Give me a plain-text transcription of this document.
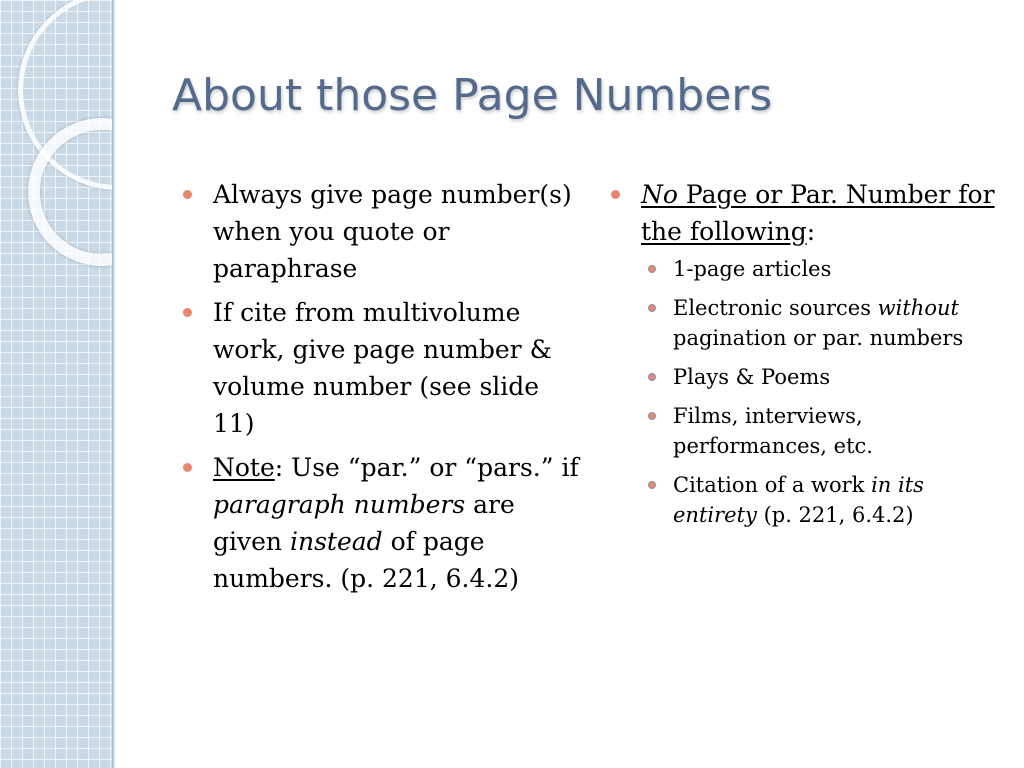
About those Page Numbers
Always give page number(s) when you quote or paraphrase
If cite from multivolume work, give page number & volume number (see slide 11)
Note: Use “par.” or “pars.” if paragraph numbers are given instead of page numbers. (p. 221, 6.4.2)
No Page or Par. Number for the following:
1-page articles
Electronic sources without pagination or par. numbers
Plays & Poems
Films, interviews, performances, etc.
Citation of a work in its entirety (p. 221, 6.4.2)
